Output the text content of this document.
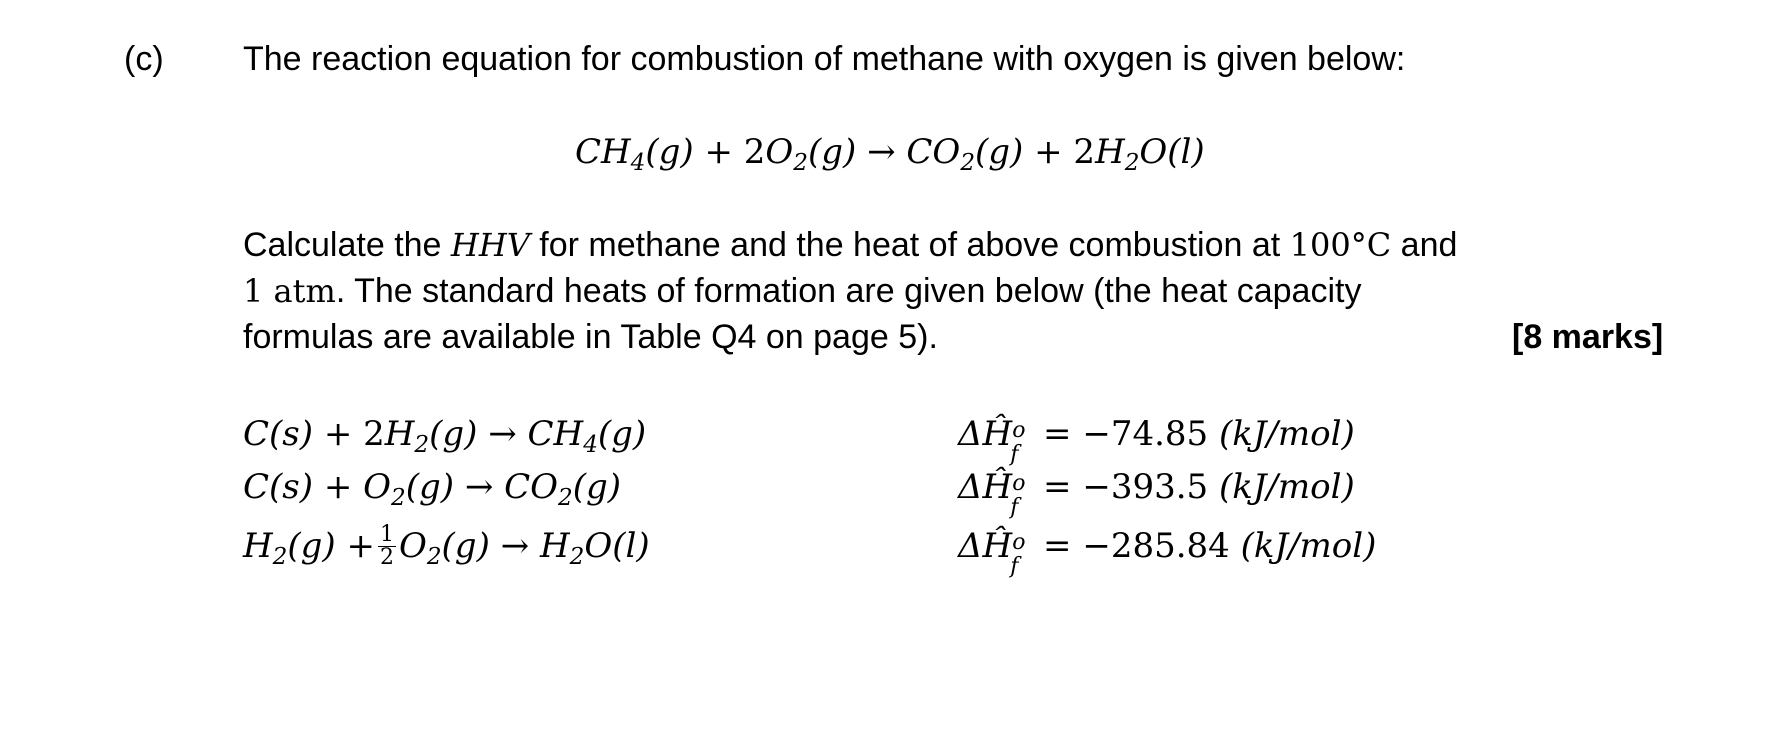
(c) The reaction equation for combustion of methane with oxygen is given below:
$CH_4(g) + 2O_2(g) \to CO_2(g) + 2H_2O(l)$
Calculate the HHV for methane and the heat of above combustion at 100°C and
1 atm. The standard heats of formation are given below (the heat capacity
formulas are available in Table Q4 on page 5).	[8 marks]
$C(s) + 2H_2(g) \to CH_4(g)$
$C(s) + O_2(g) \to CO_2(g)$
$H_2(g) + \frac{1}{2} O_2(g) \to H_2O(l)$
ΔĤ o
f
= −74.85 (kJ/mol)
ΔĤ o
f
= −393.5 (kJ/mol)
ΔĤ o
f
= −285.84 (kJ/mol)
